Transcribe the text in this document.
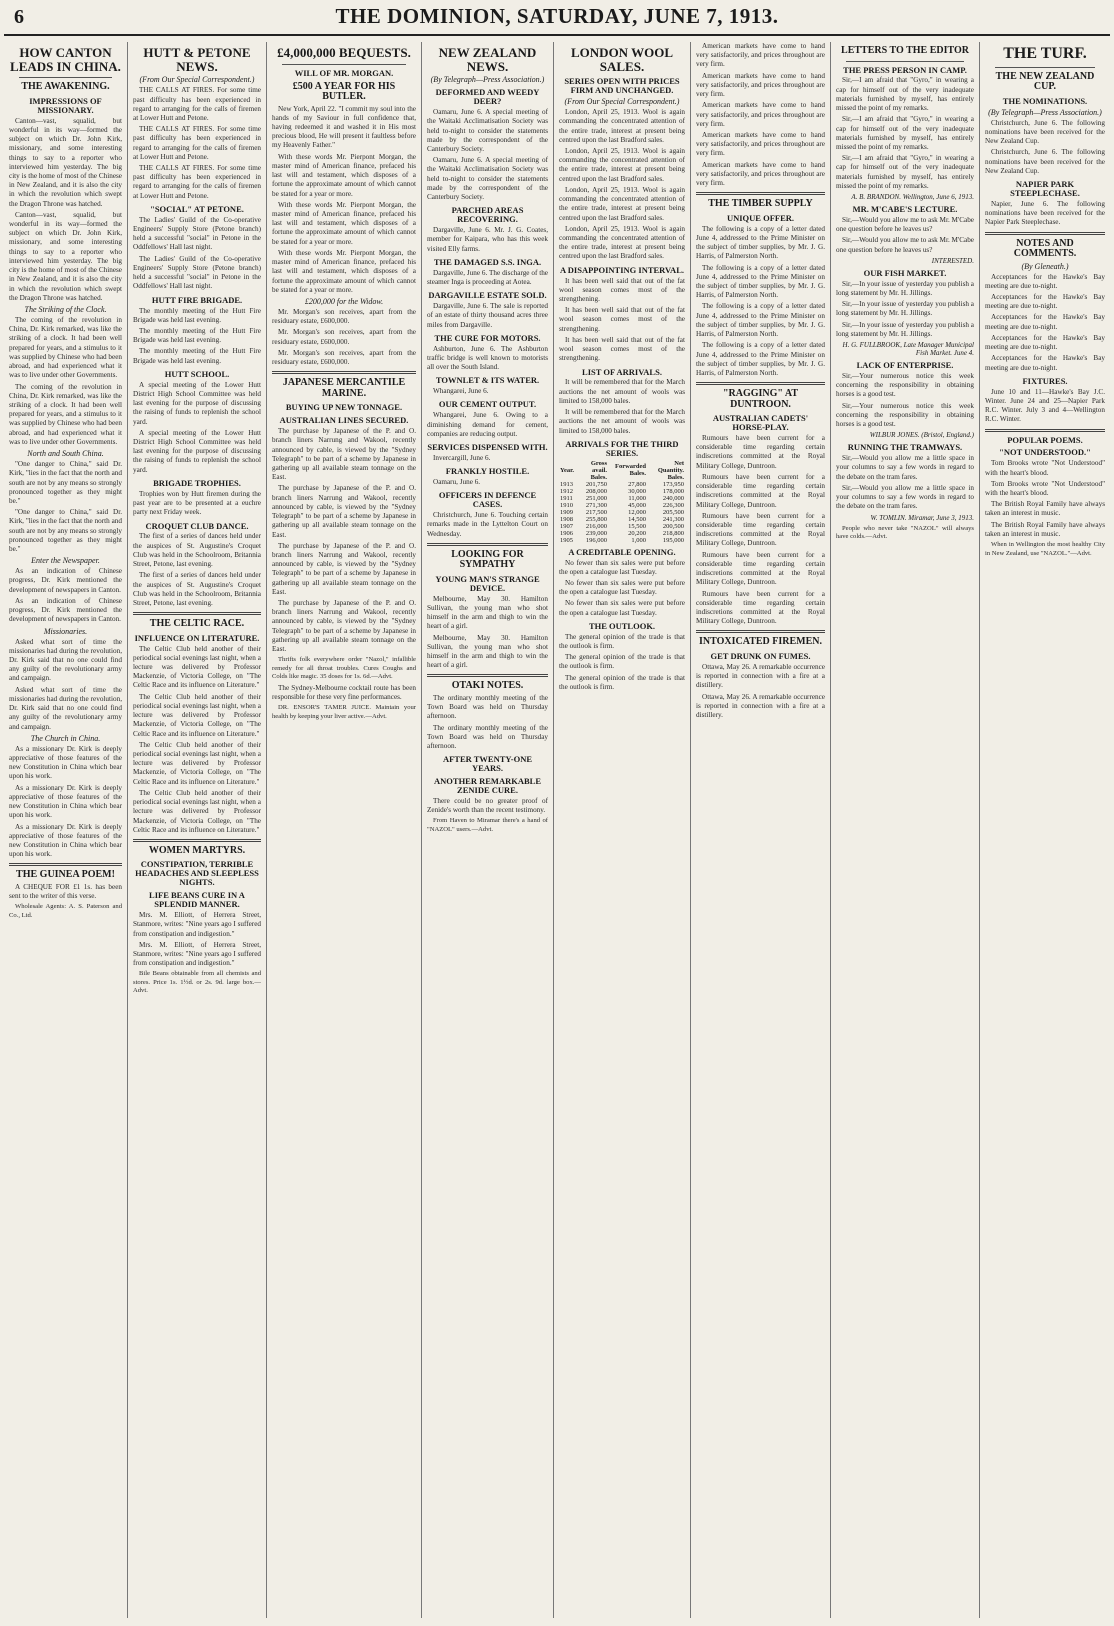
6	THE DOMINION, SATURDAY, JUNE 7, 1913.
HOW CANTON LEADS IN CHINA.
THE AWAKENING.
IMPRESSIONS OF MISSIONARY.

Canton—vast, squalid, but wonderful in its way—formed the subject on which Dr. John Kirk, missionary, and some interesting things to say to a reporter who interviewed him yesterday. The big city is the home of most of the Chinese in New Zealand, and it is also the city in which the revolution which swept the Dragon Throne was hatched.

Canton—vast, squalid, but wonderful in its way—formed the subject on which Dr. John Kirk, missionary, and some interesting things to say to a reporter who interviewed him yesterday. The big city is the home of most of the Chinese in New Zealand, and it is also the city in which the revolution which swept the Dragon Throne was hatched.

The Striking of the Clock.

The coming of the revolution in China, Dr. Kirk remarked, was like the striking of a clock. It had been well prepared for years, and a stimulus to it was supplied by Chinese who had been abroad, and had experienced what it was to live under other Governments.

The coming of the revolution in China, Dr. Kirk remarked, was like the striking of a clock. It had been well prepared for years, and a stimulus to it was supplied by Chinese who had been abroad, and had experienced what it was to live under other Governments.

North and South China.

"One danger to China," said Dr. Kirk, "lies in the fact that the north and south are not by any means so strongly pronounced together as they might be."

"One danger to China," said Dr. Kirk, "lies in the fact that the north and south are not by any means so strongly pronounced together as they might be."

Enter the Newspaper.

As an indication of Chinese progress, Dr. Kirk mentioned the development of newspapers in Canton.

As an indication of Chinese progress, Dr. Kirk mentioned the development of newspapers in Canton.

Missionaries.

Asked what sort of time the missionaries had during the revolution, Dr. Kirk said that no one could find any guilty of the revolutionary army and campaign.

Asked what sort of time the missionaries had during the revolution, Dr. Kirk said that no one could find any guilty of the revolutionary army and campaign.

The Church in China.

As a missionary Dr. Kirk is deeply appreciative of those features of the new Constitution in China which bear upon his work.

As a missionary Dr. Kirk is deeply appreciative of those features of the new Constitution in China which bear upon his work.

As a missionary Dr. Kirk is deeply appreciative of those features of the new Constitution in China which bear upon his work.

THE GUINEA POEM!

A CHEQUE FOR £1 1s. has been sent to the writer of this verse.

Wholesale Agents: A. S. Paterson and Co., Ltd.

HUTT & PETONE NEWS.
(From Our Special Correspondent.)

THE CALLS AT FIRES. For some time past difficulty has been experienced in regard to arranging for the calls of firemen at Lower Hutt and Petone.

THE CALLS AT FIRES. For some time past difficulty has been experienced in regard to arranging for the calls of firemen at Lower Hutt and Petone.

THE CALLS AT FIRES. For some time past difficulty has been experienced in regard to arranging for the calls of firemen at Lower Hutt and Petone.

"SOCIAL" AT PETONE.

The Ladies' Guild of the Co-operative Engineers' Supply Store (Petone branch) held a successful "social" in Petone in the Oddfellows' Hall last night.

The Ladies' Guild of the Co-operative Engineers' Supply Store (Petone branch) held a successful "social" in Petone in the Oddfellows' Hall last night.

HUTT FIRE BRIGADE.

The monthly meeting of the Hutt Fire Brigade was held last evening.

The monthly meeting of the Hutt Fire Brigade was held last evening.

The monthly meeting of the Hutt Fire Brigade was held last evening.

HUTT SCHOOL.

A special meeting of the Lower Hutt District High School Committee was held last evening for the purpose of discussing the raising of funds to replenish the school yard.

A special meeting of the Lower Hutt District High School Committee was held last evening for the purpose of discussing the raising of funds to replenish the school yard.

BRIGADE TROPHIES.

Trophies won by Hutt firemen during the past year are to be presented at a euchre party next Friday week.

CROQUET CLUB DANCE.

The first of a series of dances held under the auspices of St. Augustine's Croquet Club was held in the Schoolroom, Britannia Street, Petone, last evening.

The first of a series of dances held under the auspices of St. Augustine's Croquet Club was held in the Schoolroom, Britannia Street, Petone, last evening.

THE CELTIC RACE.
INFLUENCE ON LITERATURE.

The Celtic Club held another of their periodical social evenings last night, when a lecture was delivered by Professor Mackenzie, of Victoria College, on "The Celtic Race and its influence on Literature."

The Celtic Club held another of their periodical social evenings last night, when a lecture was delivered by Professor Mackenzie, of Victoria College, on "The Celtic Race and its influence on Literature."

The Celtic Club held another of their periodical social evenings last night, when a lecture was delivered by Professor Mackenzie, of Victoria College, on "The Celtic Race and its influence on Literature."

The Celtic Club held another of their periodical social evenings last night, when a lecture was delivered by Professor Mackenzie, of Victoria College, on "The Celtic Race and its influence on Literature."

WOMEN MARTYRS.
CONSTIPATION, TERRIBLE HEADACHES AND SLEEPLESS NIGHTS.
LIFE BEANS CURE IN A SPLENDID MANNER.

Mrs. M. Elliott, of Herrera Street, Stanmore, writes: "Nine years ago I suffered from constipation and indigestion."

Mrs. M. Elliott, of Herrera Street, Stanmore, writes: "Nine years ago I suffered from constipation and indigestion."

Bile Beans obtainable from all chemists and stores. Price 1s. 1½d. or 2s. 9d. large box.—Advt.

£4,000,000 BEQUESTS.
WILL OF MR. MORGAN.
£500 A YEAR FOR HIS BUTLER.

New York, April 22. "I commit my soul into the hands of my Saviour in full confidence that, having redeemed it and washed it in His most precious blood, He will present it faultless before my Heavenly Father."

With these words Mr. Pierpont Morgan, the master mind of American finance, prefaced his last will and testament, which disposes of a fortune the approximate amount of which cannot be stated for a year or more.

With these words Mr. Pierpont Morgan, the master mind of American finance, prefaced his last will and testament, which disposes of a fortune the approximate amount of which cannot be stated for a year or more.

With these words Mr. Pierpont Morgan, the master mind of American finance, prefaced his last will and testament, which disposes of a fortune the approximate amount of which cannot be stated for a year or more.

£200,000 for the Widow.

Mr. Morgan's son receives, apart from the residuary estate, £600,000.

Mr. Morgan's son receives, apart from the residuary estate, £600,000.

Mr. Morgan's son receives, apart from the residuary estate, £600,000.

JAPANESE MERCANTILE MARINE.
BUYING UP NEW TONNAGE.
AUSTRALIAN LINES SECURED.

The purchase by Japanese of the P. and O. branch liners Narrung and Wakool, recently announced by cable, is viewed by the "Sydney Telegraph" to be part of a scheme by Japanese in gathering up all available steam tonnage on the East.

The purchase by Japanese of the P. and O. branch liners Narrung and Wakool, recently announced by cable, is viewed by the "Sydney Telegraph" to be part of a scheme by Japanese in gathering up all available steam tonnage on the East.

The purchase by Japanese of the P. and O. branch liners Narrung and Wakool, recently announced by cable, is viewed by the "Sydney Telegraph" to be part of a scheme by Japanese in gathering up all available steam tonnage on the East.

The purchase by Japanese of the P. and O. branch liners Narrung and Wakool, recently announced by cable, is viewed by the "Sydney Telegraph" to be part of a scheme by Japanese in gathering up all available steam tonnage on the East.

Thrifts folk everywhere order "Nazol," infallible remedy for all throat troubles. Cures Coughs and Colds like magic. 35 doses for 1s. 6d.—Advt.

The Sydney-Melbourne cocktail route has been responsible for these very fine performances.

DR. ENSOR'S TAMER JUICE. Maintain your health by keeping your liver active.—Advt.

NEW ZEALAND NEWS.
(By Telegraph—Press Association.)
DEFORMED AND WEEDY DEER?

Oamaru, June 6. A special meeting of the Waitaki Acclimatisation Society was held to-night to consider the statements made by the correspondent of the Canterbury Society.

Oamaru, June 6. A special meeting of the Waitaki Acclimatisation Society was held to-night to consider the statements made by the correspondent of the Canterbury Society.

PARCHED AREAS RECOVERING.

Dargaville, June 6. Mr. J. G. Coates, member for Kaipara, who has this week visited Elly farms.

THE DAMAGED S.S. INGA.

Dargaville, June 6. The discharge of the steamer Inga is proceeding at Aotea.

DARGAVILLE ESTATE SOLD.

Dargaville, June 6. The sale is reported of an estate of thirty thousand acres three miles from Dargaville.

THE CURE FOR MOTORS.

Ashburton, June 6. The Ashburton traffic bridge is well known to motorists all over the South Island.

TOWNLET & ITS WATER.

Whangarei, June 6.

OUR CEMENT OUTPUT.

Whangarei, June 6. Owing to a diminishing demand for cement, companies are reducing output.

SERVICES DISPENSED WITH.

Invercargill, June 6.

FRANKLY HOSTILE.

Oamaru, June 6.

OFFICERS IN DEFENCE CASES.

Christchurch, June 6. Touching certain remarks made in the Lyttelton Court on Wednesday.

LOOKING FOR SYMPATHY
YOUNG MAN'S STRANGE DEVICE.

Melbourne, May 30. Hamilton Sullivan, the young man who shot himself in the arm and thigh to win the heart of a girl.

Melbourne, May 30. Hamilton Sullivan, the young man who shot himself in the arm and thigh to win the heart of a girl.

OTAKI NOTES.

The ordinary monthly meeting of the Town Board was held on Thursday afternoon.

The ordinary monthly meeting of the Town Board was held on Thursday afternoon.

AFTER TWENTY-ONE YEARS.
ANOTHER REMARKABLE ZENIDE CURE.

There could be no greater proof of Zenide's worth than the recent testimony.

From Haven to Miramar there's a hand of "NAZOL" users.—Advt.

LONDON WOOL SALES.
SERIES OPEN WITH PRICES FIRM AND UNCHANGED.
(From Our Special Correspondent.)

London, April 25, 1913. Wool is again commanding the concentrated attention of the entire trade, interest at present being centred upon the last Bradford sales.

London, April 25, 1913. Wool is again commanding the concentrated attention of the entire trade, interest at present being centred upon the last Bradford sales.

London, April 25, 1913. Wool is again commanding the concentrated attention of the entire trade, interest at present being centred upon the last Bradford sales.

London, April 25, 1913. Wool is again commanding the concentrated attention of the entire trade, interest at present being centred upon the last Bradford sales.

A DISAPPOINTING INTERVAL.

It has been well said that out of the fat wool season comes most of the strengthening.

It has been well said that out of the fat wool season comes most of the strengthening.

It has been well said that out of the fat wool season comes most of the strengthening.

LIST OF ARRIVALS.

It will be remembered that for the March auctions the net amount of wools was limited to 158,000 bales.

It will be remembered that for the March auctions the net amount of wools was limited to 158,000 bales.

ARRIVALS FOR THE THIRD SERIES.
Year.	Gross avail. Bales.	Forwarded Bales.	Net Quantity. Bales.
1913	201,750	27,800	173,950
1912	208,000	30,000	178,000
1911	251,000	11,000	240,000
1910	271,300	45,000	226,300
1909	217,500	12,000	205,500
1908	255,800	14,500	241,300
1907	216,000	15,500	200,500
1906	239,000	20,200	218,800
1905	196,000	1,000	195,000
A CREDITABLE OPENING.

No fewer than six sales were put before the open a catalogue last Tuesday.

No fewer than six sales were put before the open a catalogue last Tuesday.

No fewer than six sales were put before the open a catalogue last Tuesday.

THE OUTLOOK.

The general opinion of the trade is that the outlook is firm.

The general opinion of the trade is that the outlook is firm.

The general opinion of the trade is that the outlook is firm.

American markets have come to hand very satisfactorily, and prices throughout are very firm.

American markets have come to hand very satisfactorily, and prices throughout are very firm.

American markets have come to hand very satisfactorily, and prices throughout are very firm.

American markets have come to hand very satisfactorily, and prices throughout are very firm.

American markets have come to hand very satisfactorily, and prices throughout are very firm.

THE TIMBER SUPPLY
UNIQUE OFFER.

The following is a copy of a letter dated June 4, addressed to the Prime Minister on the subject of timber supplies, by Mr. J. G. Harris, of Palmerston North.

The following is a copy of a letter dated June 4, addressed to the Prime Minister on the subject of timber supplies, by Mr. J. G. Harris, of Palmerston North.

The following is a copy of a letter dated June 4, addressed to the Prime Minister on the subject of timber supplies, by Mr. J. G. Harris, of Palmerston North.

The following is a copy of a letter dated June 4, addressed to the Prime Minister on the subject of timber supplies, by Mr. J. G. Harris, of Palmerston North.

"RAGGING" AT DUNTROON.
AUSTRALIAN CADETS' HORSE-PLAY.

Rumours have been current for a considerable time regarding certain indiscretions committed at the Royal Military College, Duntroon.

Rumours have been current for a considerable time regarding certain indiscretions committed at the Royal Military College, Duntroon.

Rumours have been current for a considerable time regarding certain indiscretions committed at the Royal Military College, Duntroon.

Rumours have been current for a considerable time regarding certain indiscretions committed at the Royal Military College, Duntroon.

Rumours have been current for a considerable time regarding certain indiscretions committed at the Royal Military College, Duntroon.

INTOXICATED FIREMEN.
GET DRUNK ON FUMES.

Ottawa, May 26. A remarkable occurrence is reported in connection with a fire at a distillery.

Ottawa, May 26. A remarkable occurrence is reported in connection with a fire at a distillery.

LETTERS TO THE EDITOR
THE PRESS PERSON IN CAMP.

Sir,—I am afraid that "Gyro," in wearing a cap for himself out of the very inadequate materials furnished by myself, has entirely missed the point of my remarks.

Sir,—I am afraid that "Gyro," in wearing a cap for himself out of the very inadequate materials furnished by myself, has entirely missed the point of my remarks.

Sir,—I am afraid that "Gyro," in wearing a cap for himself out of the very inadequate materials furnished by myself, has entirely missed the point of my remarks.

A. B. BRANDON. Wellington, June 6, 1913.
MR. M'CABE'S LECTURE.

Sir,—Would you allow me to ask Mr. M'Cabe one question before he leaves us?

Sir,—Would you allow me to ask Mr. M'Cabe one question before he leaves us?

INTERESTED.
OUR FISH MARKET.

Sir,—In your issue of yesterday you publish a long statement by Mr. H. Jillings.

Sir,—In your issue of yesterday you publish a long statement by Mr. H. Jillings.

Sir,—In your issue of yesterday you publish a long statement by Mr. H. Jillings.

H. G. FULLBROOK, Late Manager Municipal Fish Market. June 4.
LACK OF ENTERPRISE.

Sir,—Your numerous notice this week concerning the responsibility in obtaining horses is a good test.

Sir,—Your numerous notice this week concerning the responsibility in obtaining horses is a good test.

WILBUR JONES. (Bristol, England.)
RUNNING THE TRAMWAYS.

Sir,—Would you allow me a little space in your columns to say a few words in regard to the debate on the tram fares.

Sir,—Would you allow me a little space in your columns to say a few words in regard to the debate on the tram fares.

W. TOMLIN. Miramar, June 3, 1913.

People who never take "NAZOL" will always have colds.—Advt.

THE TURF.
THE NEW ZEALAND CUP.
THE NOMINATIONS.
(By Telegraph—Press Association.)

Christchurch, June 6. The following nominations have been received for the New Zealand Cup.

Christchurch, June 6. The following nominations have been received for the New Zealand Cup.

NAPIER PARK STEEPLECHASE.

Napier, June 6. The following nominations have been received for the Napier Park Steeplechase.

NOTES AND COMMENTS.
(By Gleneath.)

Acceptances for the Hawke's Bay meeting are due to-night.

Acceptances for the Hawke's Bay meeting are due to-night.

Acceptances for the Hawke's Bay meeting are due to-night.

Acceptances for the Hawke's Bay meeting are due to-night.

Acceptances for the Hawke's Bay meeting are due to-night.

FIXTURES.

June 10 and 11—Hawke's Bay J.C. Winter. June 24 and 25—Napier Park R.C. Winter. July 3 and 4—Wellington R.C. Winter.

POPULAR POEMS.
"NOT UNDERSTOOD."

Tom Brooks wrote "Not Understood" with the heart's blood.

Tom Brooks wrote "Not Understood" with the heart's blood.

The British Royal Family have always taken an interest in music.

The British Royal Family have always taken an interest in music.

When in Wellington the most healthy City in New Zealand, use "NAZOL."—Advt.
